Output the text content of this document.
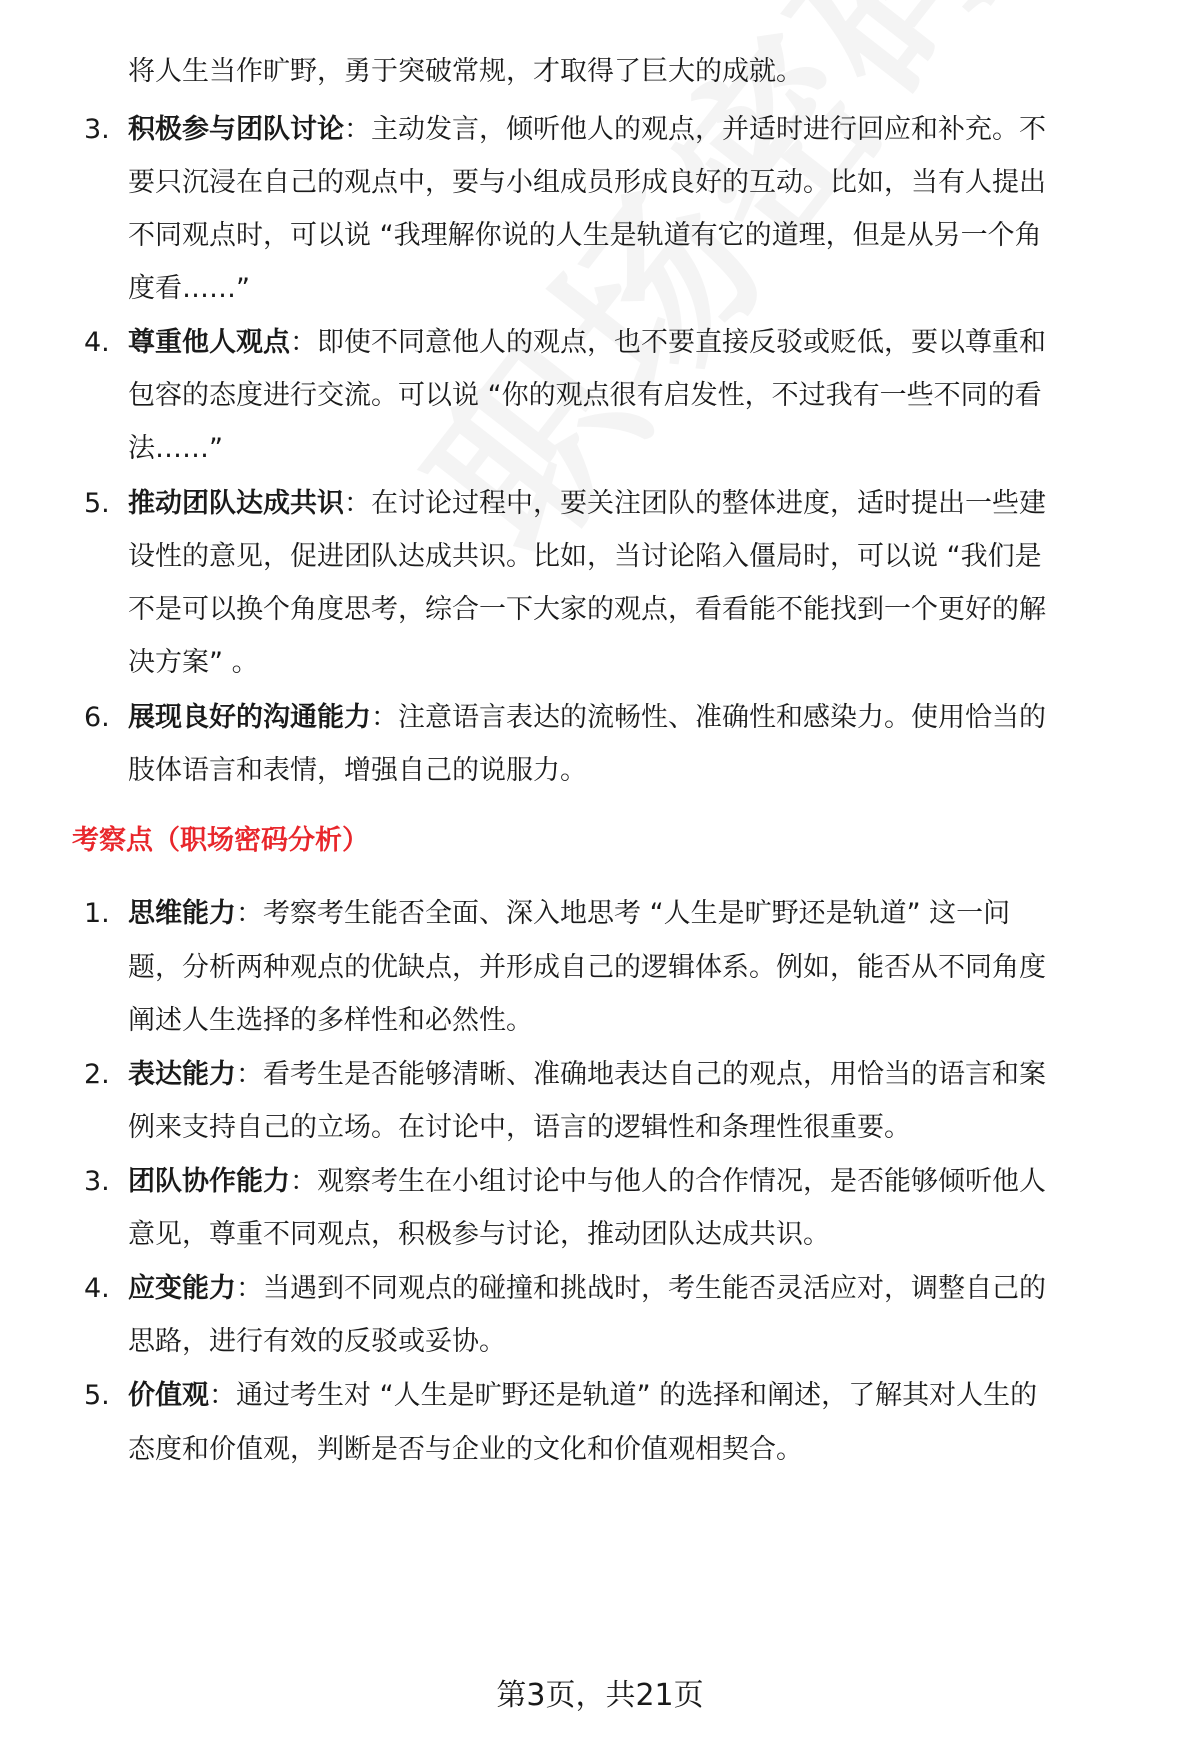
将人生当作旷野，勇于突破常规，才取得了巨大的成就。
3. 积极参与团队讨论：主动发言，倾听他人的观点，并适时进行回应和补充。不
要只沉浸在自己的观点中，要与小组成员形成良好的互动。比如，当有人提出
不同观点时，可以说 “我理解你说的人生是轨道有它的道理，但是从另一个角
度看……”
4. 尊重他人观点：即使不同意他人的观点，也不要直接反驳或贬低，要以尊重和
包容的态度进行交流。可以说 “你的观点很有启发性，不过我有一些不同的看
法……”
5. 推动团队达成共识：在讨论过程中，要关注团队的整体进度，适时提出一些建
设性的意见，促进团队达成共识。比如，当讨论陷入僵局时，可以说 “我们是
不是可以换个角度思考，综合一下大家的观点，看看能不能找到一个更好的解
决方案” 。
6. 展现良好的沟通能力：注意语言表达的流畅性、准确性和感染力。使用恰当的
肢体语言和表情，增强自己的说服力。
考察点（职场密码分析）
1. 思维能力：考察考生能否全面、深入地思考 “人生是旷野还是轨道” 这一问
题，分析两种观点的优缺点，并形成自己的逻辑体系。例如，能否从不同角度
阐述人生选择的多样性和必然性。
2. 表达能力：看考生是否能够清晰、准确地表达自己的观点，用恰当的语言和案
例来支持自己的立场。在讨论中，语言的逻辑性和条理性很重要。
3. 团队协作能力：观察考生在小组讨论中与他人的合作情况，是否能够倾听他人
意见，尊重不同观点，积极参与讨论，推动团队达成共识。
4. 应变能力：当遇到不同观点的碰撞和挑战时，考生能否灵活应对，调整自己的
思路，进行有效的反驳或妥协。
5. 价值观：通过考生对 “人生是旷野还是轨道” 的选择和阐述，了解其对人生的
态度和价值观，判断是否与企业的文化和价值观相契合。
第3页，共21页
